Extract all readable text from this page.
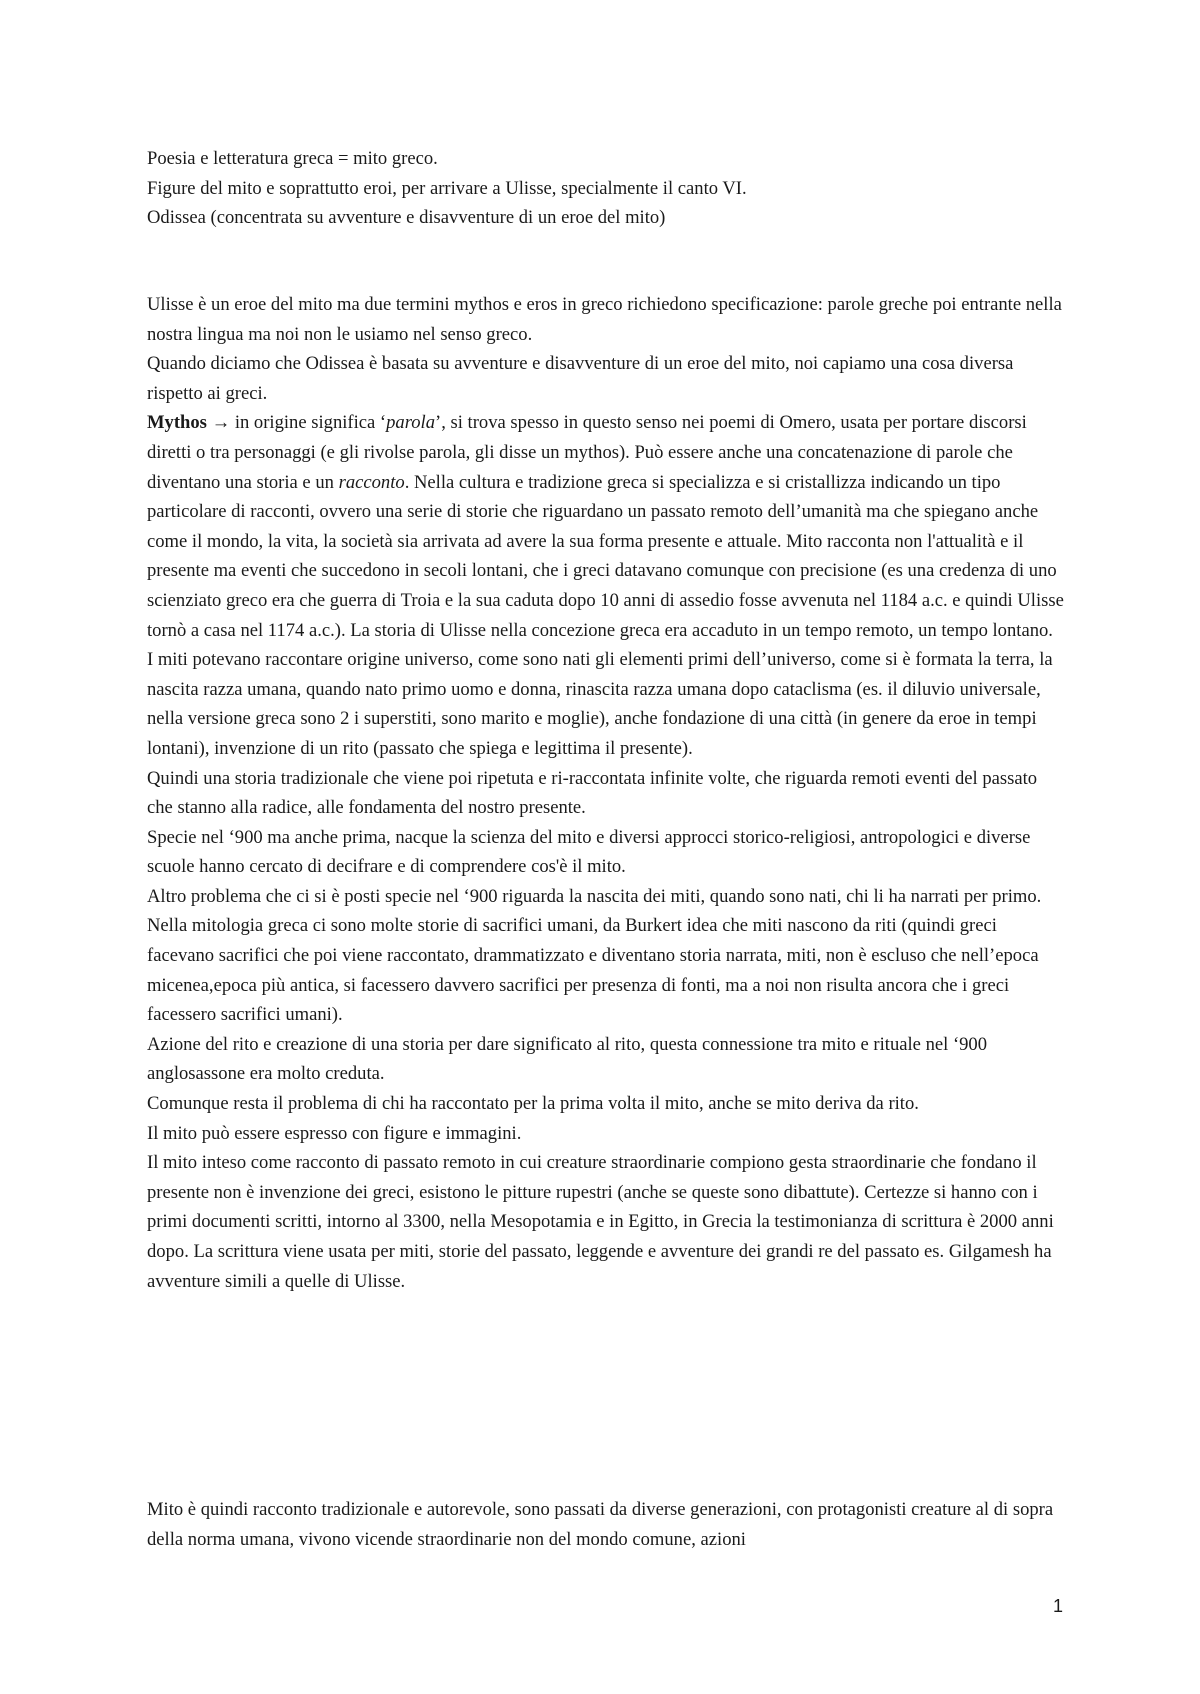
Poesia e letteratura greca = mito greco.

Figure del mito e soprattutto eroi, per arrivare a Ulisse, specialmente il canto VI.

Odissea (concentrata su avventure e disavventure di un eroe del mito)

Ulisse è un eroe del mito ma due termini mythos e eros in greco richiedono specificazione: parole greche poi entrante nella nostra lingua ma noi non le usiamo nel senso greco.

Quando diciamo che Odissea è basata su avventure e disavventure di un eroe del mito, noi capiamo una cosa diversa rispetto ai greci.

Mythos → in origine significa ‘parola’, si trova spesso in questo senso nei poemi di Omero, usata per portare discorsi diretti o tra personaggi (e gli rivolse parola, gli disse un mythos). Può essere anche una concatenazione di parole che diventano una storia e un racconto. Nella cultura e tradizione greca si specializza e si cristallizza indicando un tipo particolare di racconti, ovvero una serie di storie che riguardano un passato remoto dell’umanità ma che spiegano anche come il mondo, la vita, la società sia arrivata ad avere la sua forma presente e attuale. Mito racconta non l'attualità e il presente ma eventi che succedono in secoli lontani, che i greci datavano comunque con precisione (es una credenza di uno scienziato greco era che guerra di Troia e la sua caduta dopo 10 anni di assedio fosse avvenuta nel 1184 a.c. e quindi Ulisse tornò a casa nel 1174 a.c.). La storia di Ulisse nella concezione greca era accaduto in un tempo remoto, un tempo lontano.

I miti potevano raccontare origine universo, come sono nati gli elementi primi dell’universo, come si è formata la terra, la nascita razza umana, quando nato primo uomo e donna, rinascita razza umana dopo cataclisma (es. il diluvio universale, nella versione greca sono 2 i superstiti, sono marito e moglie), anche fondazione di una città (in genere da eroe in tempi lontani), invenzione di un rito (passato che spiega e legittima il presente).

Quindi una storia tradizionale che viene poi ripetuta e ri-raccontata infinite volte, che riguarda remoti eventi del passato che stanno alla radice, alle fondamenta del nostro presente.

Specie nel ‘900 ma anche prima, nacque la scienza del mito e diversi approcci storico-religiosi, antropologici e diverse scuole hanno cercato di decifrare e di comprendere cos'è il mito.

Altro problema che ci si è posti specie nel ‘900 riguarda la nascita dei miti, quando sono nati, chi li ha narrati per primo.

Nella mitologia greca ci sono molte storie di sacrifici umani, da Burkert idea che miti nascono da riti (quindi greci facevano sacrifici che poi viene raccontato, drammatizzato e diventano storia narrata, miti, non è escluso che nell’epoca micenea,epoca più antica, si facessero davvero sacrifici per presenza di fonti, ma a noi non risulta ancora che i greci facessero sacrifici umani).

Azione del rito e creazione di una storia per dare significato al rito, questa connessione tra mito e rituale nel ‘900 anglosassone era molto creduta.

Comunque resta il problema di chi ha raccontato per la prima volta il mito, anche se mito deriva da rito.

Il mito può essere espresso con figure e immagini.

Il mito inteso come racconto di passato remoto in cui creature straordinarie compiono gesta straordinarie che fondano il presente non è invenzione dei greci, esistono le pitture rupestri (anche se queste sono dibattute). Certezze si hanno con i primi documenti scritti, intorno al 3300, nella Mesopotamia e in Egitto, in Grecia la testimonianza di scrittura è 2000 anni dopo. La scrittura viene usata per miti, storie del passato, leggende e avventure dei grandi re del passato es. Gilgamesh ha avventure simili a quelle di Ulisse.

Mito è quindi racconto tradizionale e autorevole, sono passati da diverse generazioni, con protagonisti creature al di sopra della norma umana, vivono vicende straordinarie non del mondo comune, azioni

1
